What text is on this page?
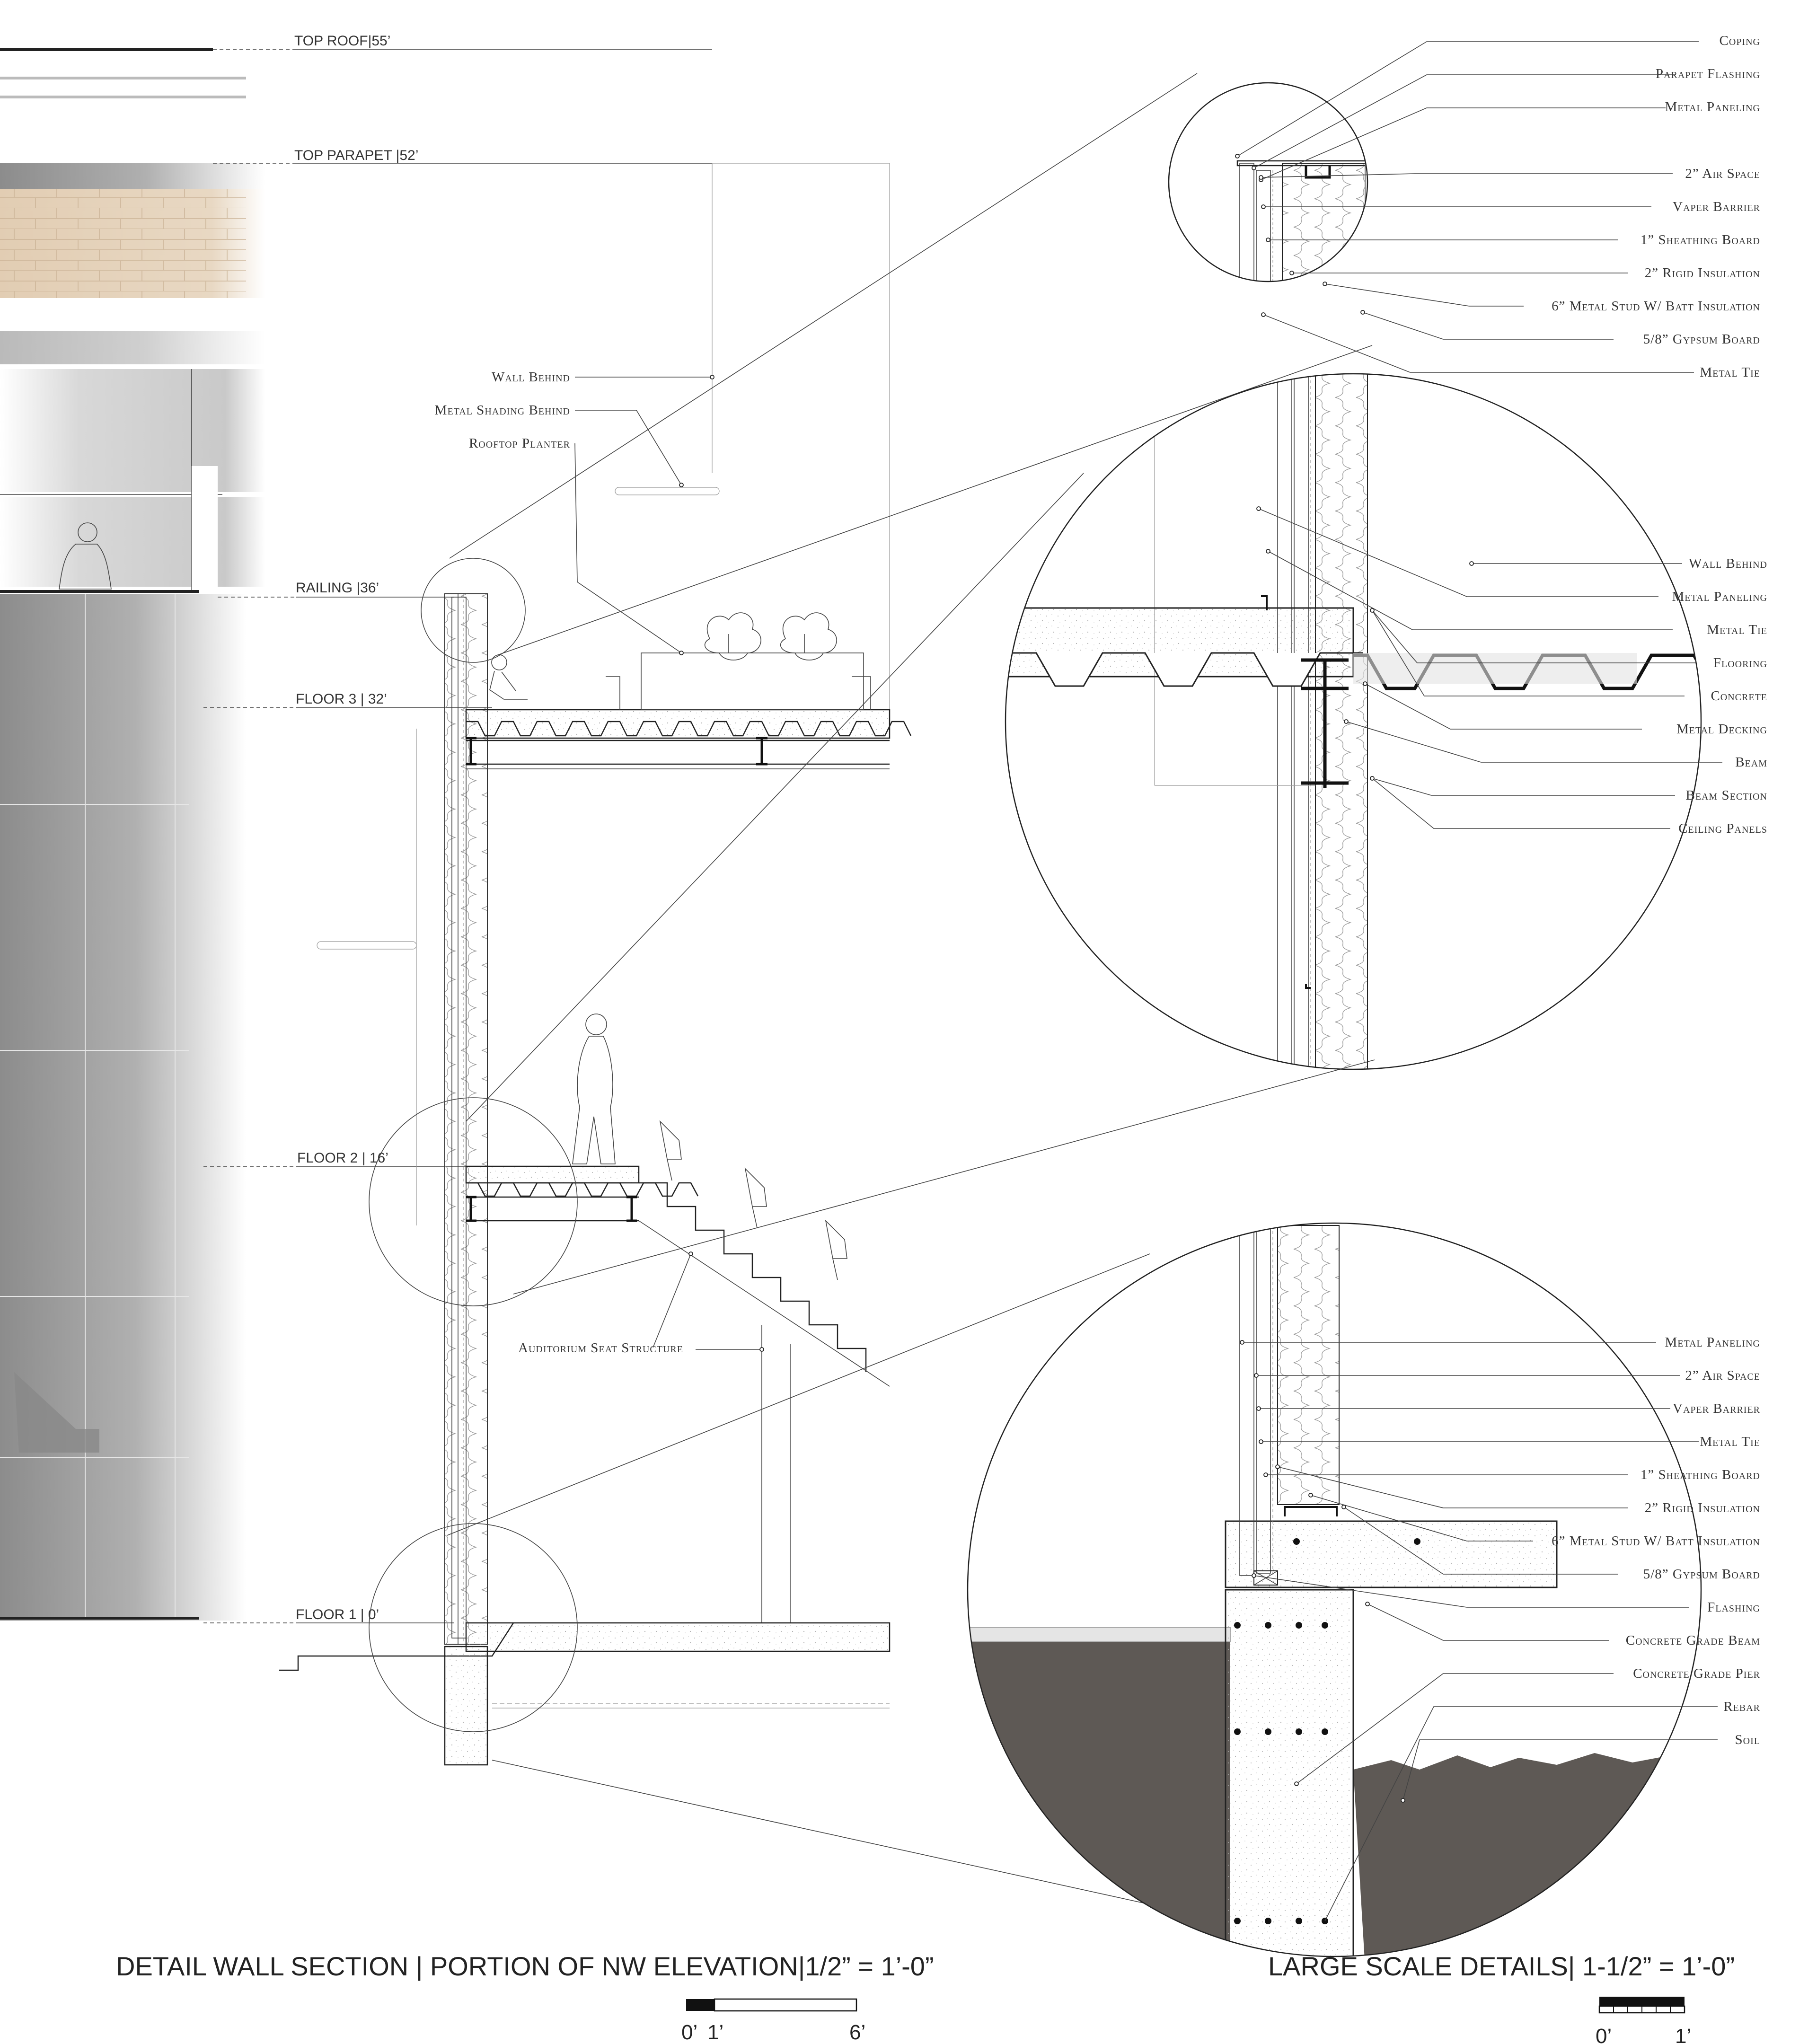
TOP ROOF|55’
TOP PARAPET |52’
RAILING |36’
FLOOR 3 | 32’
FLOOR 2 | 16’
FLOOR 1 | 0’
Wall Behind
Metal Shading Behind
Rooftop Planter
Auditorium Seat Structure
Coping
Parapet Flashing
Metal Paneling
2” Air Space
Vaper Barrier
1” Sheathing Board
2” Rigid Insulation
6” Metal Stud W/ Batt Insulation
5/8” Gypsum Board
Metal Tie
Wall Behind
Metal Paneling
Metal Tie
Flooring
Concrete
Metal Decking
Beam
Beam Section
Ceiling Panels
Metal Paneling
2” Air Space
Vaper Barrier
Metal Tie
1” Sheathing Board
2” Rigid Insulation
6” Metal Stud W/ Batt Insulation
5/8” Gypsum Board
Flashing
Concrete Grade Beam
Concrete Grade Pier
Rebar
Soil
DETAIL WALL SECTION | PORTION OF NW ELEVATION|1/2” = 1’-0”	LARGE SCALE DETAILS| 1-1/2” = 1’-0”
0’ 1’	6’	0’	1’
